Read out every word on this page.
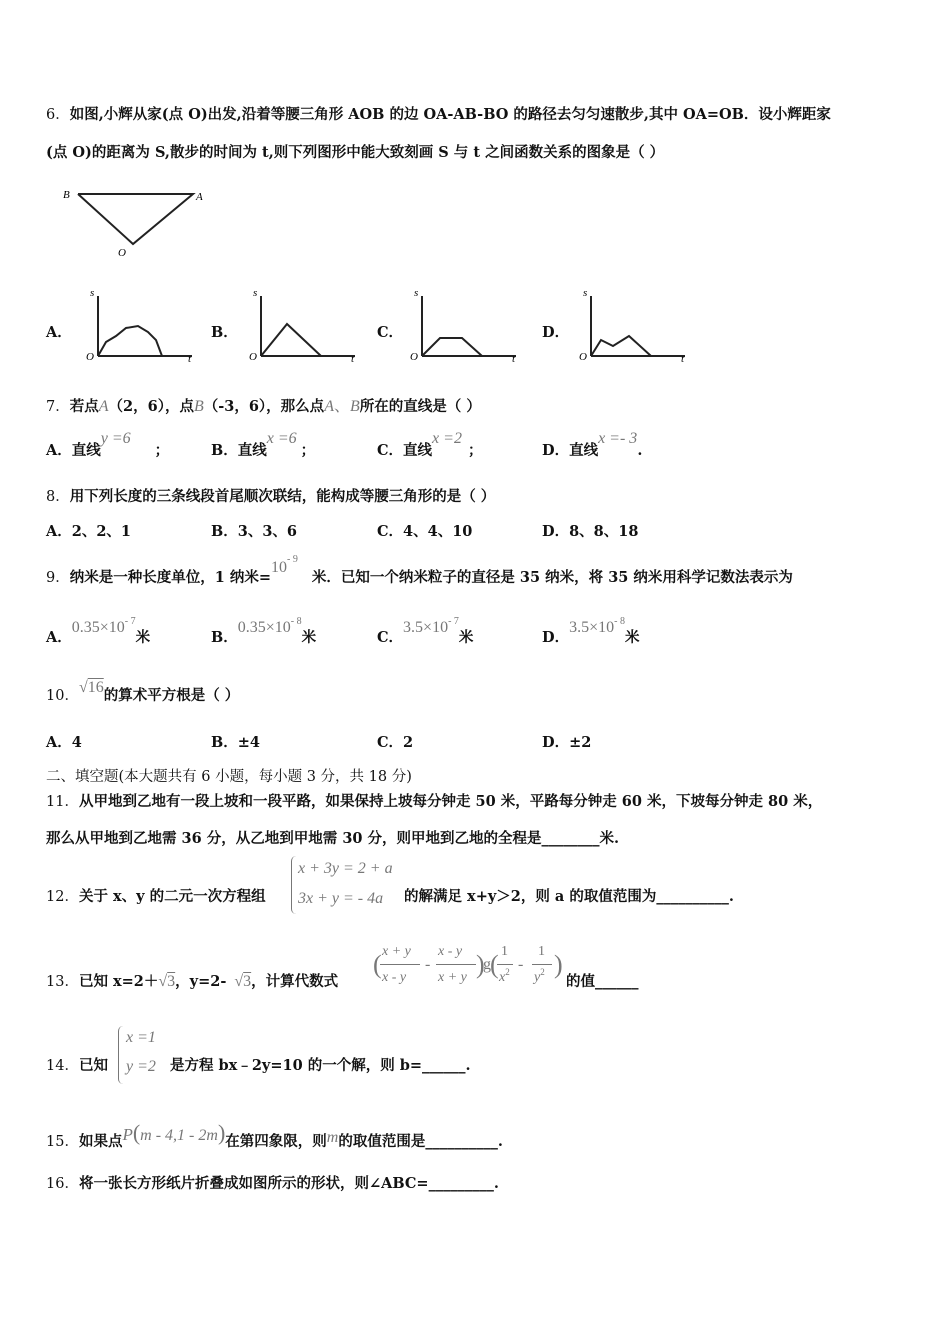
6．如图,小辉从家(点 O)出发,沿着等腰三角形 AOB 的边 OA-AB-BO 的路径去匀匀速散步,其中 OA=OB．设小辉距家
(点 O)的距离为 S,散步的时间为 t,则下列图形中能大致刻画 S 与 t 之间函数关系的图象是（ ）
B	A
O
A．
s
O	t
B．
s
O	t
C．
s
O	t
D．
s
O	t
7．若点A（2，6），点B（-3，6），那么点A、B所在的直线是（ ）
A．直线y =6；	B．直线x =6；	C．直线x =2；	D．直线x =- 3.
8．用下列长度的三条线段首尾顺次联结，能构成等腰三角形的是（ ）
A．2、2、1	B．3、3、6	C．4、4、10	D．8、8、18
9．纳米是一种长度单位，1 纳米$=10^{- 9}$米．已知一个纳米粒子的直径是 35 纳米，将 35 纳米用科学记数法表示为
A．$0.35\times 10^{- 7}$米	B．$0.35\times 10^{- 8}$米	C．$3.5\times 10^{- 7}$米	D．$3.5\times 10^{- 8}$米
10．√16的算术平方根是（ ）
A．4	B．±4	C．2	D．±2
二、填空题(本大题共有 6 小题，每小题 3 分，共 18 分)
11．从甲地到乙地有一段上坡和一段平路，如果保持上坡每分钟走 50 米，平路每分钟走 60 米，下坡每分钟走 80 米，
那么从甲地到乙地需 36 分，从乙地到甲地需 30 分，则甲地到乙地的全程是________米.
12．关于 x、y 的二元一次方程组
x + 3y = 2 + a
3x + y = - 4a 的解满足 x+y＞2，则 a 的取值范围为__________.
13．已知 x=2＋√3，y=2- √3，计算代数式
( x + y
x - y
-
x - y
x + y )
g ( 1
$x^2$ -
1
$y^2$ )
的值______
14．已知
x =1
y =2 是方程 bx﹣2y=10 的一个解，则 b=______.
15．如果点P(m - 4,1 - 2m)在第四象限，则m的取值范围是__________.
16．将一张长方形纸片折叠成如图所示的形状，则∠ABC=_________.
